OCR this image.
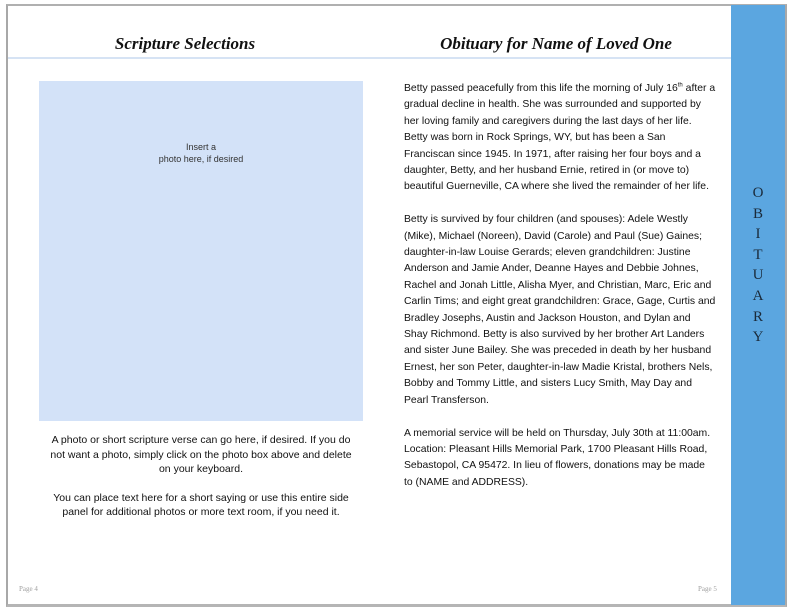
Scripture Selections
Insert a
photo here, if desired

A photo or short scripture verse can go here, if desired. If you do not want a photo, simply click on the photo box above and delete on your keyboard.

You can place text here for a short saying or use this entire side panel for additional photos or more text room, if you need it.

Page 4
Obituary for Name of Loved One

Betty passed peacefully from this life the morning of July 16th after a gradual decline in health. She was surrounded and supported by her loving family and caregivers during the last days of her life. Betty was born in Rock Springs, WY, but has been a San Franciscan since 1945. In 1971, after raising her four boys and a daughter, Betty, and her husband Ernie, retired in (or move to) beautiful Guerneville, CA where she lived the remainder of her life.

Betty is survived by four children (and spouses): Adele Westly (Mike), Michael (Noreen), David (Carole) and Paul (Sue) Gaines; daughter-in-law Louise Gerards; eleven grandchildren: Justine Anderson and Jamie Ander, Deanne Hayes and Debbie Johnes, Rachel and Jonah Little, Alisha Myer, and Christian, Marc, Eric and Carlin Tims; and eight great grandchildren: Grace, Gage, Curtis and Bradley Josephs, Austin and Jackson Houston, and Dylan and Shay Richmond. Betty is also survived by her brother Art Landers and sister June Bailey. She was preceded in death by her husband Ernest, her son Peter, daughter-in-law Madie Kristal, brothers Nels, Bobby and Tommy Little, and sisters Lucy Smith, May Day and Pearl Transferson.

A memorial service will be held on Thursday, July 30th at 11:00am. Location: Pleasant Hills Memorial Park, 1700 Pleasant Hills Road, Sebastopol, CA 95472. In lieu of flowers, donations may be made to (NAME and ADDRESS).

Page 5
O
B
I
T
U
A
R
Y
